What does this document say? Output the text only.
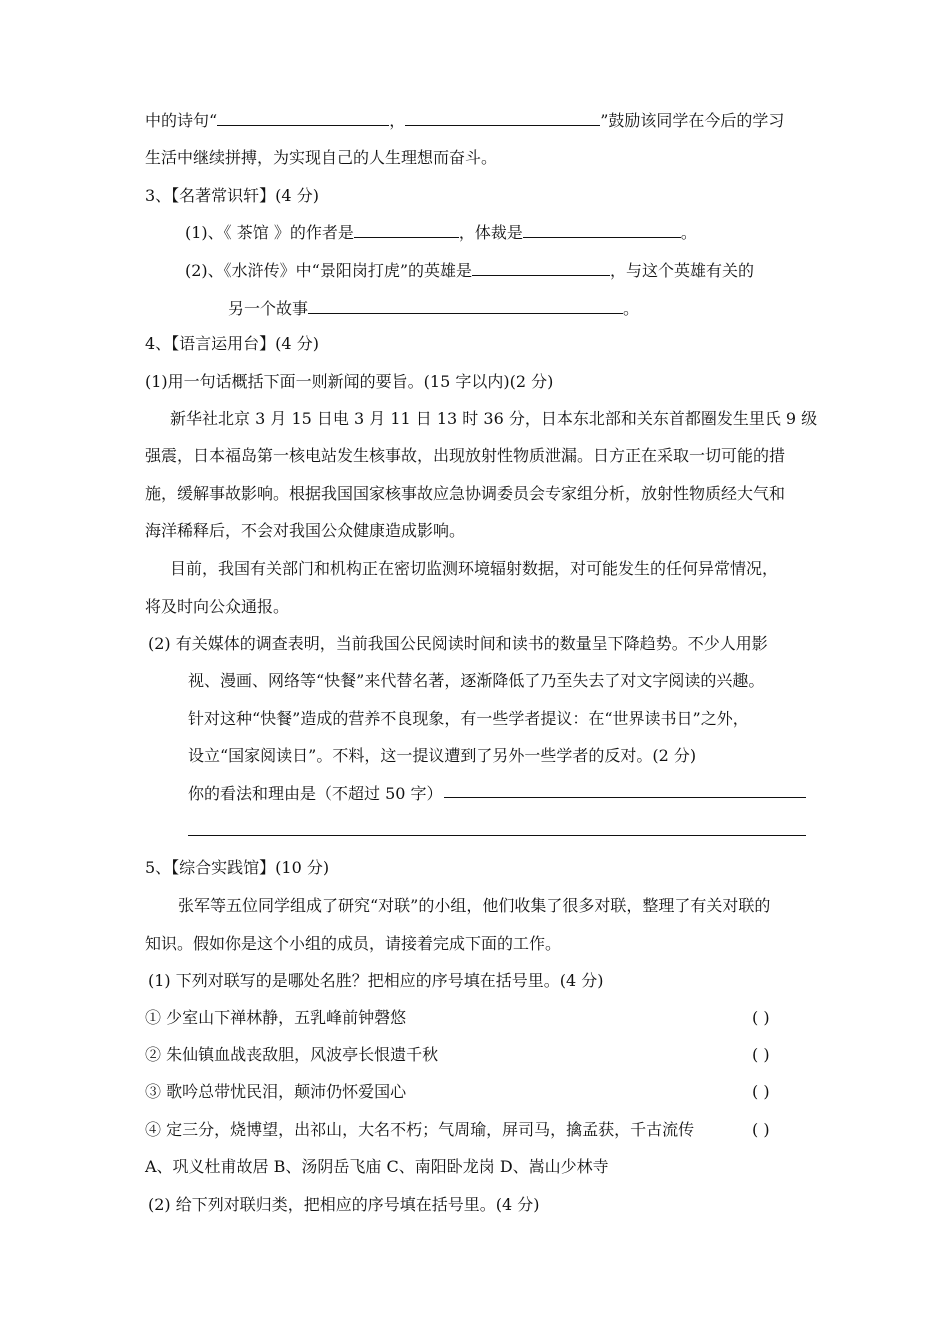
中的诗句“	，	”鼓励该同学在今后的学习
生活中继续拼搏，为实现自己的人生理想而奋斗。
3、【名著常识轩】(4 分)
(1)、《 茶馆 》的作者是	，体裁是	。
(2)、《水浒传》中“景阳岗打虎”的英雄是	，与这个英雄有关的
另一个故事	。
4、【语言运用台】(4 分)
(1)用一句话概括下面一则新闻的要旨。(15 字以内)(2 分)
新华社北京 3 月 15 日电 3 月 11 日 13 时 36 分，日本东北部和关东首都圈发生里氏 9 级
强震，日本福岛第一核电站发生核事故，出现放射性物质泄漏。日方正在采取一切可能的措
施，缓解事故影响。根据我国国家核事故应急协调委员会专家组分析，放射性物质经大气和
海洋稀释后，不会对我国公众健康造成影响。
目前，我国有关部门和机构正在密切监测环境辐射数据，对可能发生的任何异常情况，
将及时向公众通报。
(2) 有关媒体的调查表明，当前我国公民阅读时间和读书的数量呈下降趋势。不少人用影
视、漫画、网络等“快餐”来代替名著，逐渐降低了乃至失去了对文字阅读的兴趣。
针对这种“快餐”造成的营养不良现象，有一些学者提议：在“世界读书日”之外，
设立“国家阅读日”。不料，这一提议遭到了另外一些学者的反对。(2 分)
你的看法和理由是（不超过 50 字）
5、【综合实践馆】(10 分)
张军等五位同学组成了研究“对联”的小组，他们收集了很多对联，整理了有关对联的
知识。假如你是这个小组的成员，请接着完成下面的工作。
(1) 下列对联写的是哪处名胜？把相应的序号填在括号里。(4 分)
① 少室山下禅林静，五乳峰前钟磬悠	( )
② 朱仙镇血战丧敌胆，风波亭长恨遗千秋	( )
③ 歌吟总带忧民泪，颠沛仍怀爱国心	( )
④ 定三分，烧博望，出祁山，大名不朽；气周瑜，屏司马，擒孟获，千古流传	( )
A、巩义杜甫故居 B、汤阴岳飞庙 C、南阳卧龙岗 D、嵩山少林寺
(2) 给下列对联归类，把相应的序号填在括号里。(4 分)
